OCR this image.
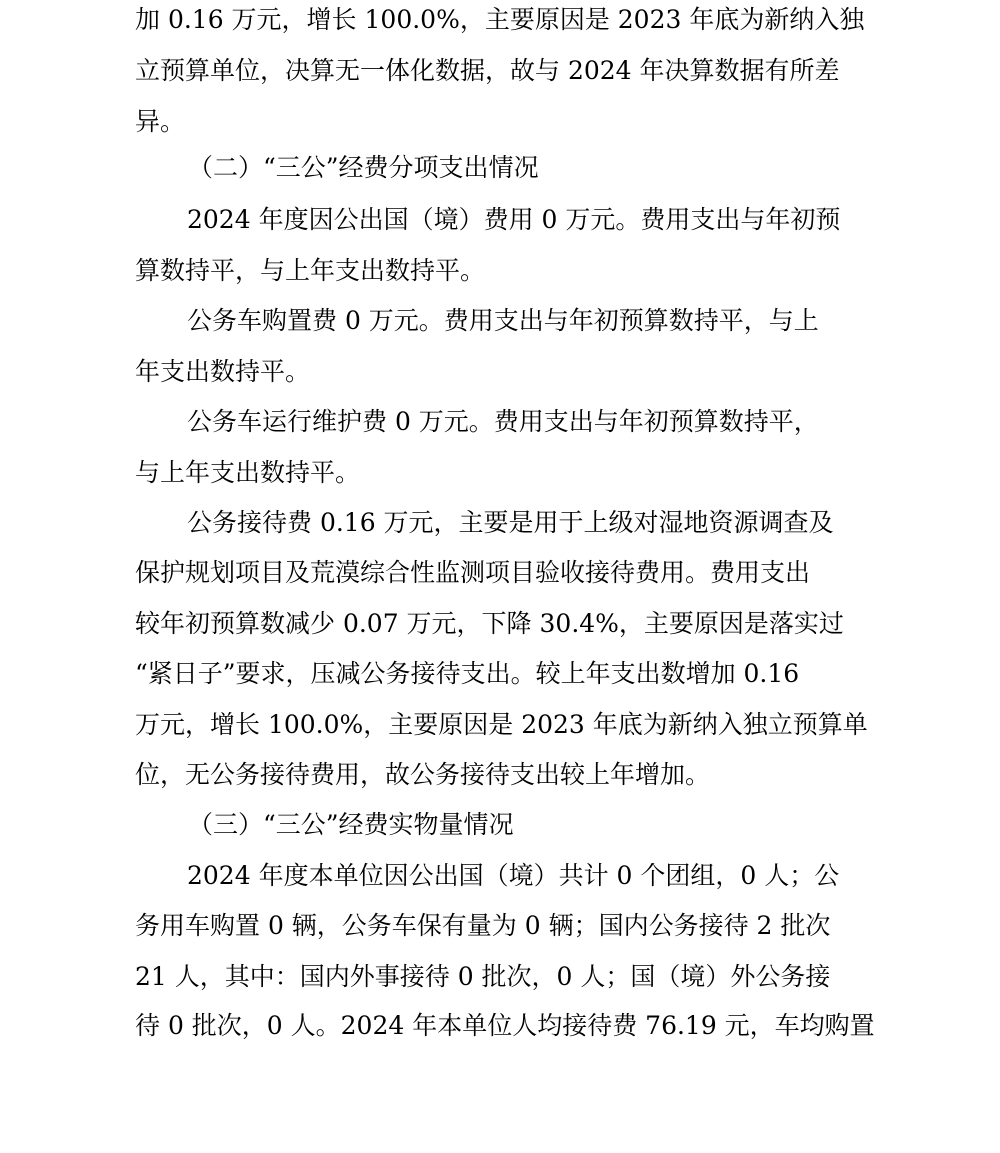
加 0.16 万元，增长 100.0%，主要原因是 2023 年底为新纳入独

立预算单位，决算无一体化数据，故与 2024 年决算数据有所差

异。

（二）“三公”经费分项支出情况

2024 年度因公出国（境）费用 0 万元。费用支出与年初预

算数持平，与上年支出数持平。

公务车购置费 0 万元。费用支出与年初预算数持平，与上

年支出数持平。

公务车运行维护费 0 万元。费用支出与年初预算数持平，

与上年支出数持平。

公务接待费 0.16 万元，主要是用于上级对湿地资源调查及

保护规划项目及荒漠综合性监测项目验收接待费用。费用支出

较年初预算数减少 0.07 万元，下降 30.4%，主要原因是落实过

“紧日子”要求，压减公务接待支出。较上年支出数增加 0.16

万元，增长 100.0%，主要原因是 2023 年底为新纳入独立预算单

位，无公务接待费用，故公务接待支出较上年增加。

（三）“三公”经费实物量情况

2024 年度本单位因公出国（境）共计 0 个团组，0 人；公

务用车购置 0 辆，公务车保有量为 0 辆；国内公务接待 2 批次

21 人，其中：国内外事接待 0 批次，0 人；国（境）外公务接

待 0 批次，0 人。2024 年本单位人均接待费 76.19 元，车均购置
